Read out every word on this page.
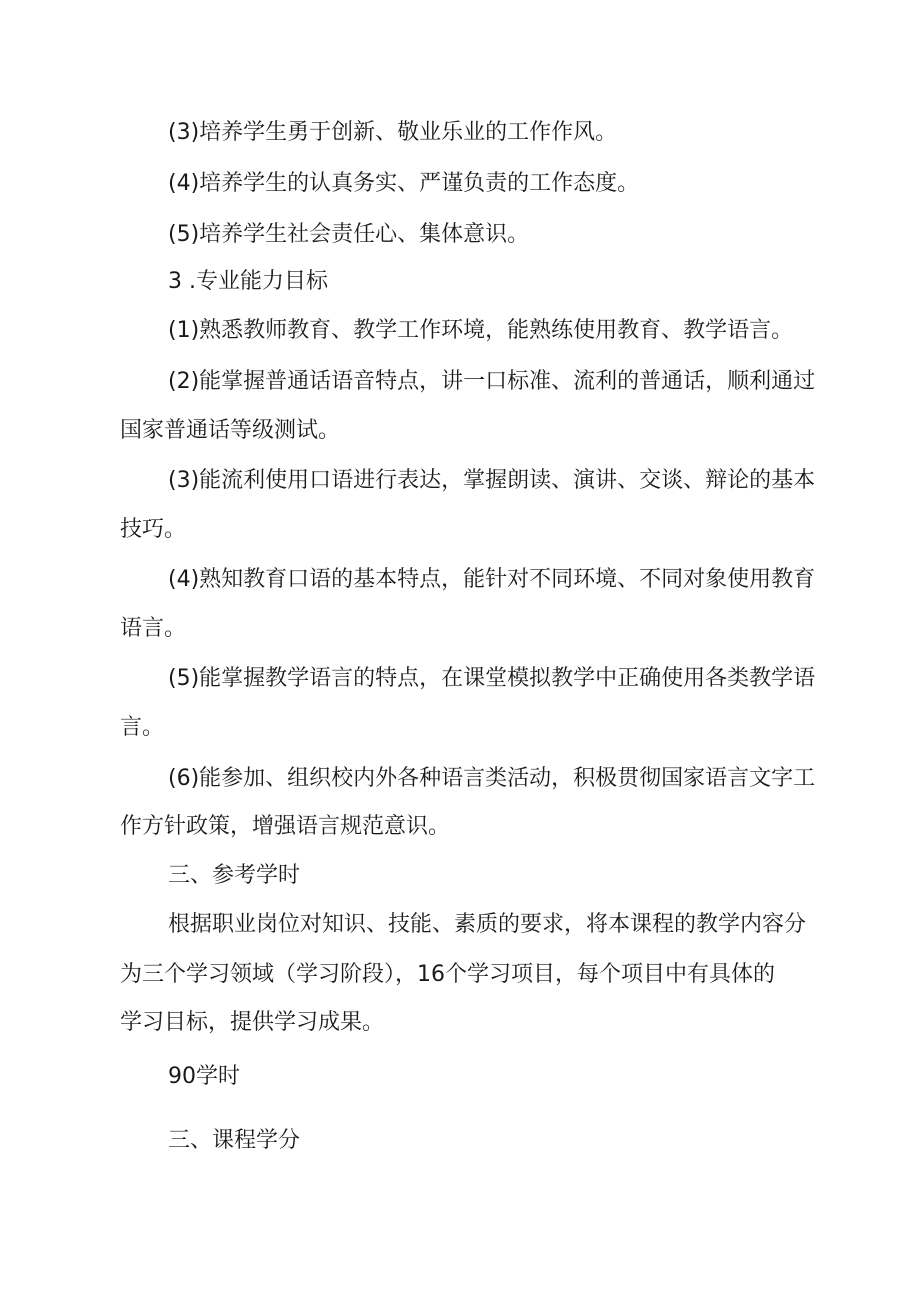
(3)培养学生勇于创新、敬业乐业的工作作风。
(4)培养学生的认真务实、严谨负责的工作态度。
(5)培养学生社会责任心、集体意识。
3 .专业能力目标
(1)熟悉教师教育、教学工作环境，能熟练使用教育、教学语言。
(2)能掌握普通话语音特点，讲一口标准、流利的普通话，顺利通过
国家普通话等级测试。
(3)能流利使用口语进行表达，掌握朗读、演讲、交谈、辩论的基本
技巧。
(4)熟知教育口语的基本特点，能针对不同环境、不同对象使用教育
语言。
(5)能掌握教学语言的特点，在课堂模拟教学中正确使用各类教学语
言。
(6)能参加、组织校内外各种语言类活动，积极贯彻国家语言文字工
作方针政策，增强语言规范意识。
三、参考学时
根据职业岗位对知识、技能、素质的要求，将本课程的教学内容分
为三个学习领域（学习阶段），16个学习项目，每个项目中有具体的
学习目标，提供学习成果。
90学时
三、课程学分
